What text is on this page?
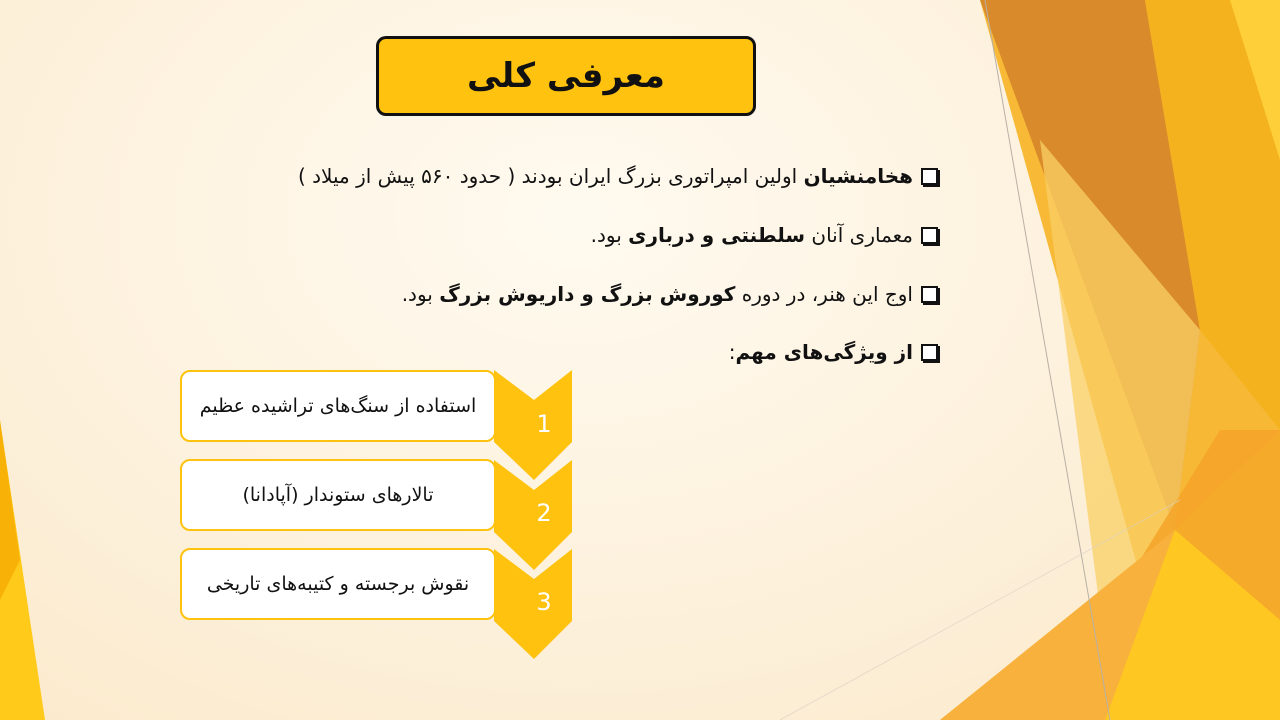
معرفی کلی
هخامنشیان
اولین امپراتوری بزرگ ایران بودند ( حدود ۵۶۰ پیش از میلاد )
معماری آنان
سلطنتی و درباری
بود.
اوج این هنر، در دوره
کوروش بزرگ و داریوش بزرگ
بود.
از ویژگی‌های مهم
:
استفاده از سنگ‌های تراشیده عظیم
تالارهای ستوندار (آپادانا)
نقوش برجسته و کتیبه‌های تاریخی
1
2
3
